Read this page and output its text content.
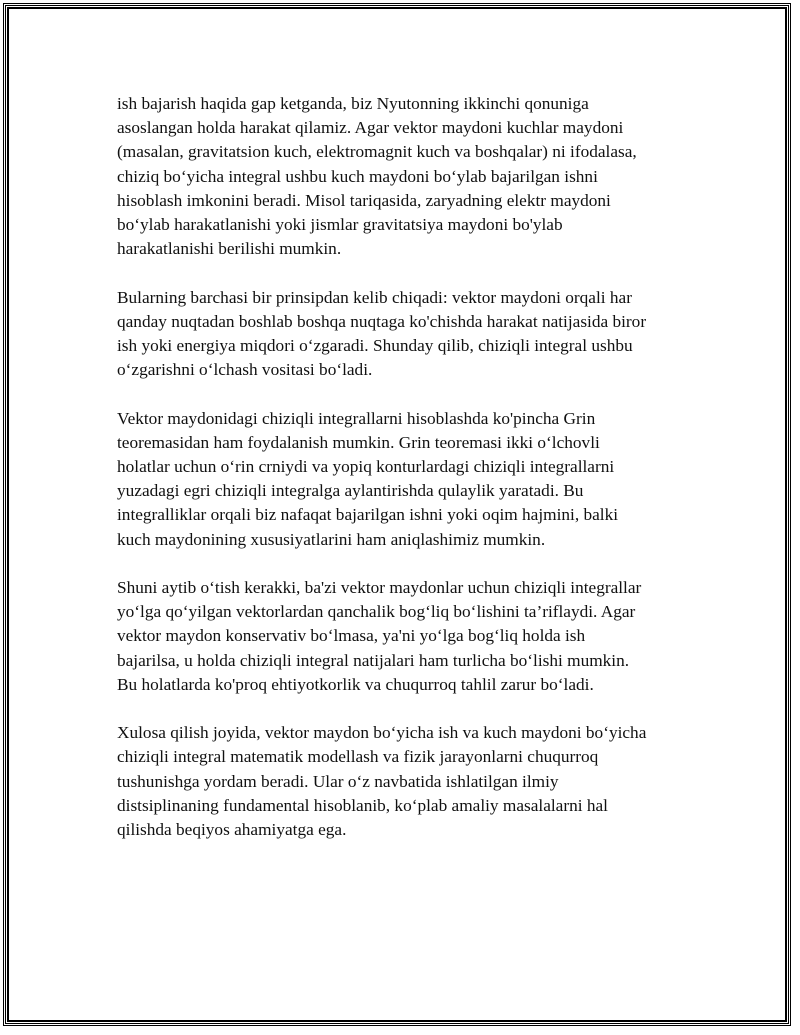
ish bajarish haqida gap ketganda, biz Nyutonning ikkinchi qonuniga
asoslangan holda harakat qilamiz. Agar vektor maydoni kuchlar maydoni
(masalan, gravitatsion kuch, elektromagnit kuch va boshqalar) ni ifodalasa,
chiziq bo‘yicha integral ushbu kuch maydoni bo‘ylab bajarilgan ishni
hisoblash imkonini beradi. Misol tariqasida, zaryadning elektr maydoni
bo‘ylab harakatlanishi yoki jismlar gravitatsiya maydoni bo'ylab
harakatlanishi berilishi mumkin.

Bularning barchasi bir prinsipdan kelib chiqadi: vektor maydoni orqali har
qanday nuqtadan boshlab boshqa nuqtaga ko'chishda harakat natijasida biror
ish yoki energiya miqdori o‘zgaradi. Shunday qilib, chiziqli integral ushbu
o‘zgarishni o‘lchash vositasi bo‘ladi.

Vektor maydonidagi chiziqli integrallarni hisoblashda ko'pincha Grin
teoremasidan ham foydalanish mumkin. Grin teoremasi ikki o‘lchovli
holatlar uchun o‘rin crniydi va yopiq konturlardagi chiziqli integrallarni
yuzadagi egri chiziqli integralga aylantirishda qulaylik yaratadi. Bu
integralliklar orqali biz nafaqat bajarilgan ishni yoki oqim hajmini, balki
kuch maydonining xususiyatlarini ham aniqlashimiz mumkin.

Shuni aytib o‘tish kerakki, ba'zi vektor maydonlar uchun chiziqli integrallar
yo‘lga qo‘yilgan vektorlardan qanchalik bog‘liq bo‘lishini ta’riflaydi. Agar
vektor maydon konservativ bo‘lmasa, ya'ni yo‘lga bog‘liq holda ish
bajarilsa, u holda chiziqli integral natijalari ham turlicha bo‘lishi mumkin.
Bu holatlarda ko'proq ehtiyotkorlik va chuqurroq tahlil zarur bo‘ladi.

Xulosa qilish joyida, vektor maydon bo‘yicha ish va kuch maydoni bo‘yicha
chiziqli integral matematik modellash va fizik jarayonlarni chuqurroq
tushunishga yordam beradi. Ular o‘z navbatida ishlatilgan ilmiy
distsiplinaning fundamental hisoblanib, ko‘plab amaliy masalalarni hal
qilishda beqiyos ahamiyatga ega.
